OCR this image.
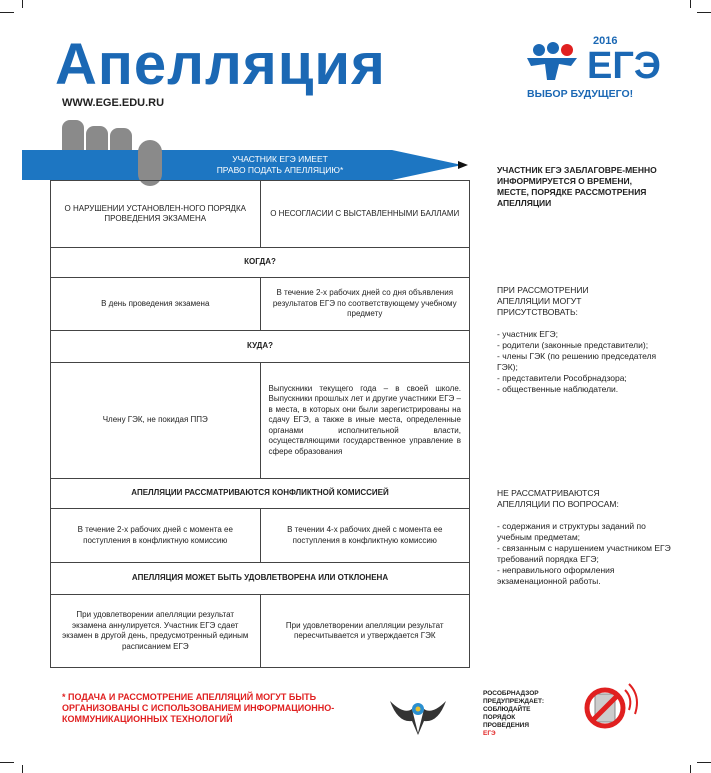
Апелляция
WWW.EGE.EDU.RU
2016
ЕГЭ
ВЫБОР БУДУЩЕГО!
УЧАСТНИК ЕГЭ ИМЕЕТ
ПРАВО ПОДАТЬ АПЕЛЛЯЦИЮ*
О НАРУШЕНИИ УСТАНОВЛЕН-НОГО ПОРЯДКА ПРОВЕДЕНИЯ ЭКЗАМЕНА	О НЕСОГЛАСИИ С ВЫСТАВЛЕННЫМИ БАЛЛАМИ
КОГДА?	
В день проведения экзамена	В течение 2-х рабочих дней со дня объявления результатов ЕГЭ по соответствующему учебному предмету
КУДА?	
Члену ГЭК, не покидая ППЭ	Выпускники текущего года – в своей школе. Выпускники прошлых лет и другие участники ЕГЭ – в места, в которых они были зарегистрированы на сдачу ЕГЭ, а также в иные места, определенные органами исполнительной власти, осуществляющими государственное управление в сфере образования
АПЕЛЛЯЦИИ РАССМАТРИВАЮТСЯ КОНФЛИКТНОЙ КОМИССИЕЙ	
В течение 2-х рабочих дней с момента ее поступления в конфликтную комиссию	В течении 4-х рабочих дней с момента ее поступления в конфликтную комиссию
АПЕЛЛЯЦИЯ МОЖЕТ БЫТЬ УДОВЛЕТВОРЕНА ИЛИ ОТКЛОНЕНА	
При удовлетворении апелляции результат экзамена аннулируется. Участник ЕГЭ сдает экзамен в другой день, предусмотренный единым расписанием ЕГЭ	При удовлетворении апелляции результат пересчитывается и утверждается ГЭК
УЧАСТНИК ЕГЭ ЗАБЛАГОВРЕ-МЕННО ИНФОРМИРУЕТСЯ О ВРЕМЕНИ, МЕСТЕ, ПОРЯДКЕ РАССМОТРЕНИЯ АПЕЛЛЯЦИИ
ПРИ РАССМОТРЕНИИ АПЕЛЛЯЦИИ МОГУТ ПРИСУТСТВОВАТЬ:
- участник ЕГЭ;
- родители (законные представители);
- члены ГЭК (по решению председателя ГЭК);
- представители Рособрнадзора;
- общественные наблюдатели.
НЕ РАССМАТРИВАЮТСЯ АПЕЛЛЯЦИИ ПО ВОПРОСАМ:
- содержания и структуры заданий по учебным предметам;
- связанным с нарушением участником ЕГЭ требований порядка ЕГЭ;
- неправильного оформления экзаменационной работы.
* ПОДАЧА И РАССМОТРЕНИЕ АПЕЛЛЯЦИЙ МОГУТ БЫТЬ ОРГАНИЗОВАНЫ С ИСПОЛЬЗОВАНИЕМ ИНФОРМАЦИОННО-КОММУНИКАЦИОННЫХ ТЕХНОЛОГИЙ
РОСОБРНАДЗОР
ПРЕДУПРЕЖДАЕТ:
СОБЛЮДАЙТЕ
ПОРЯДОК
ПРОВЕДЕНИЯ
ЕГЭ
